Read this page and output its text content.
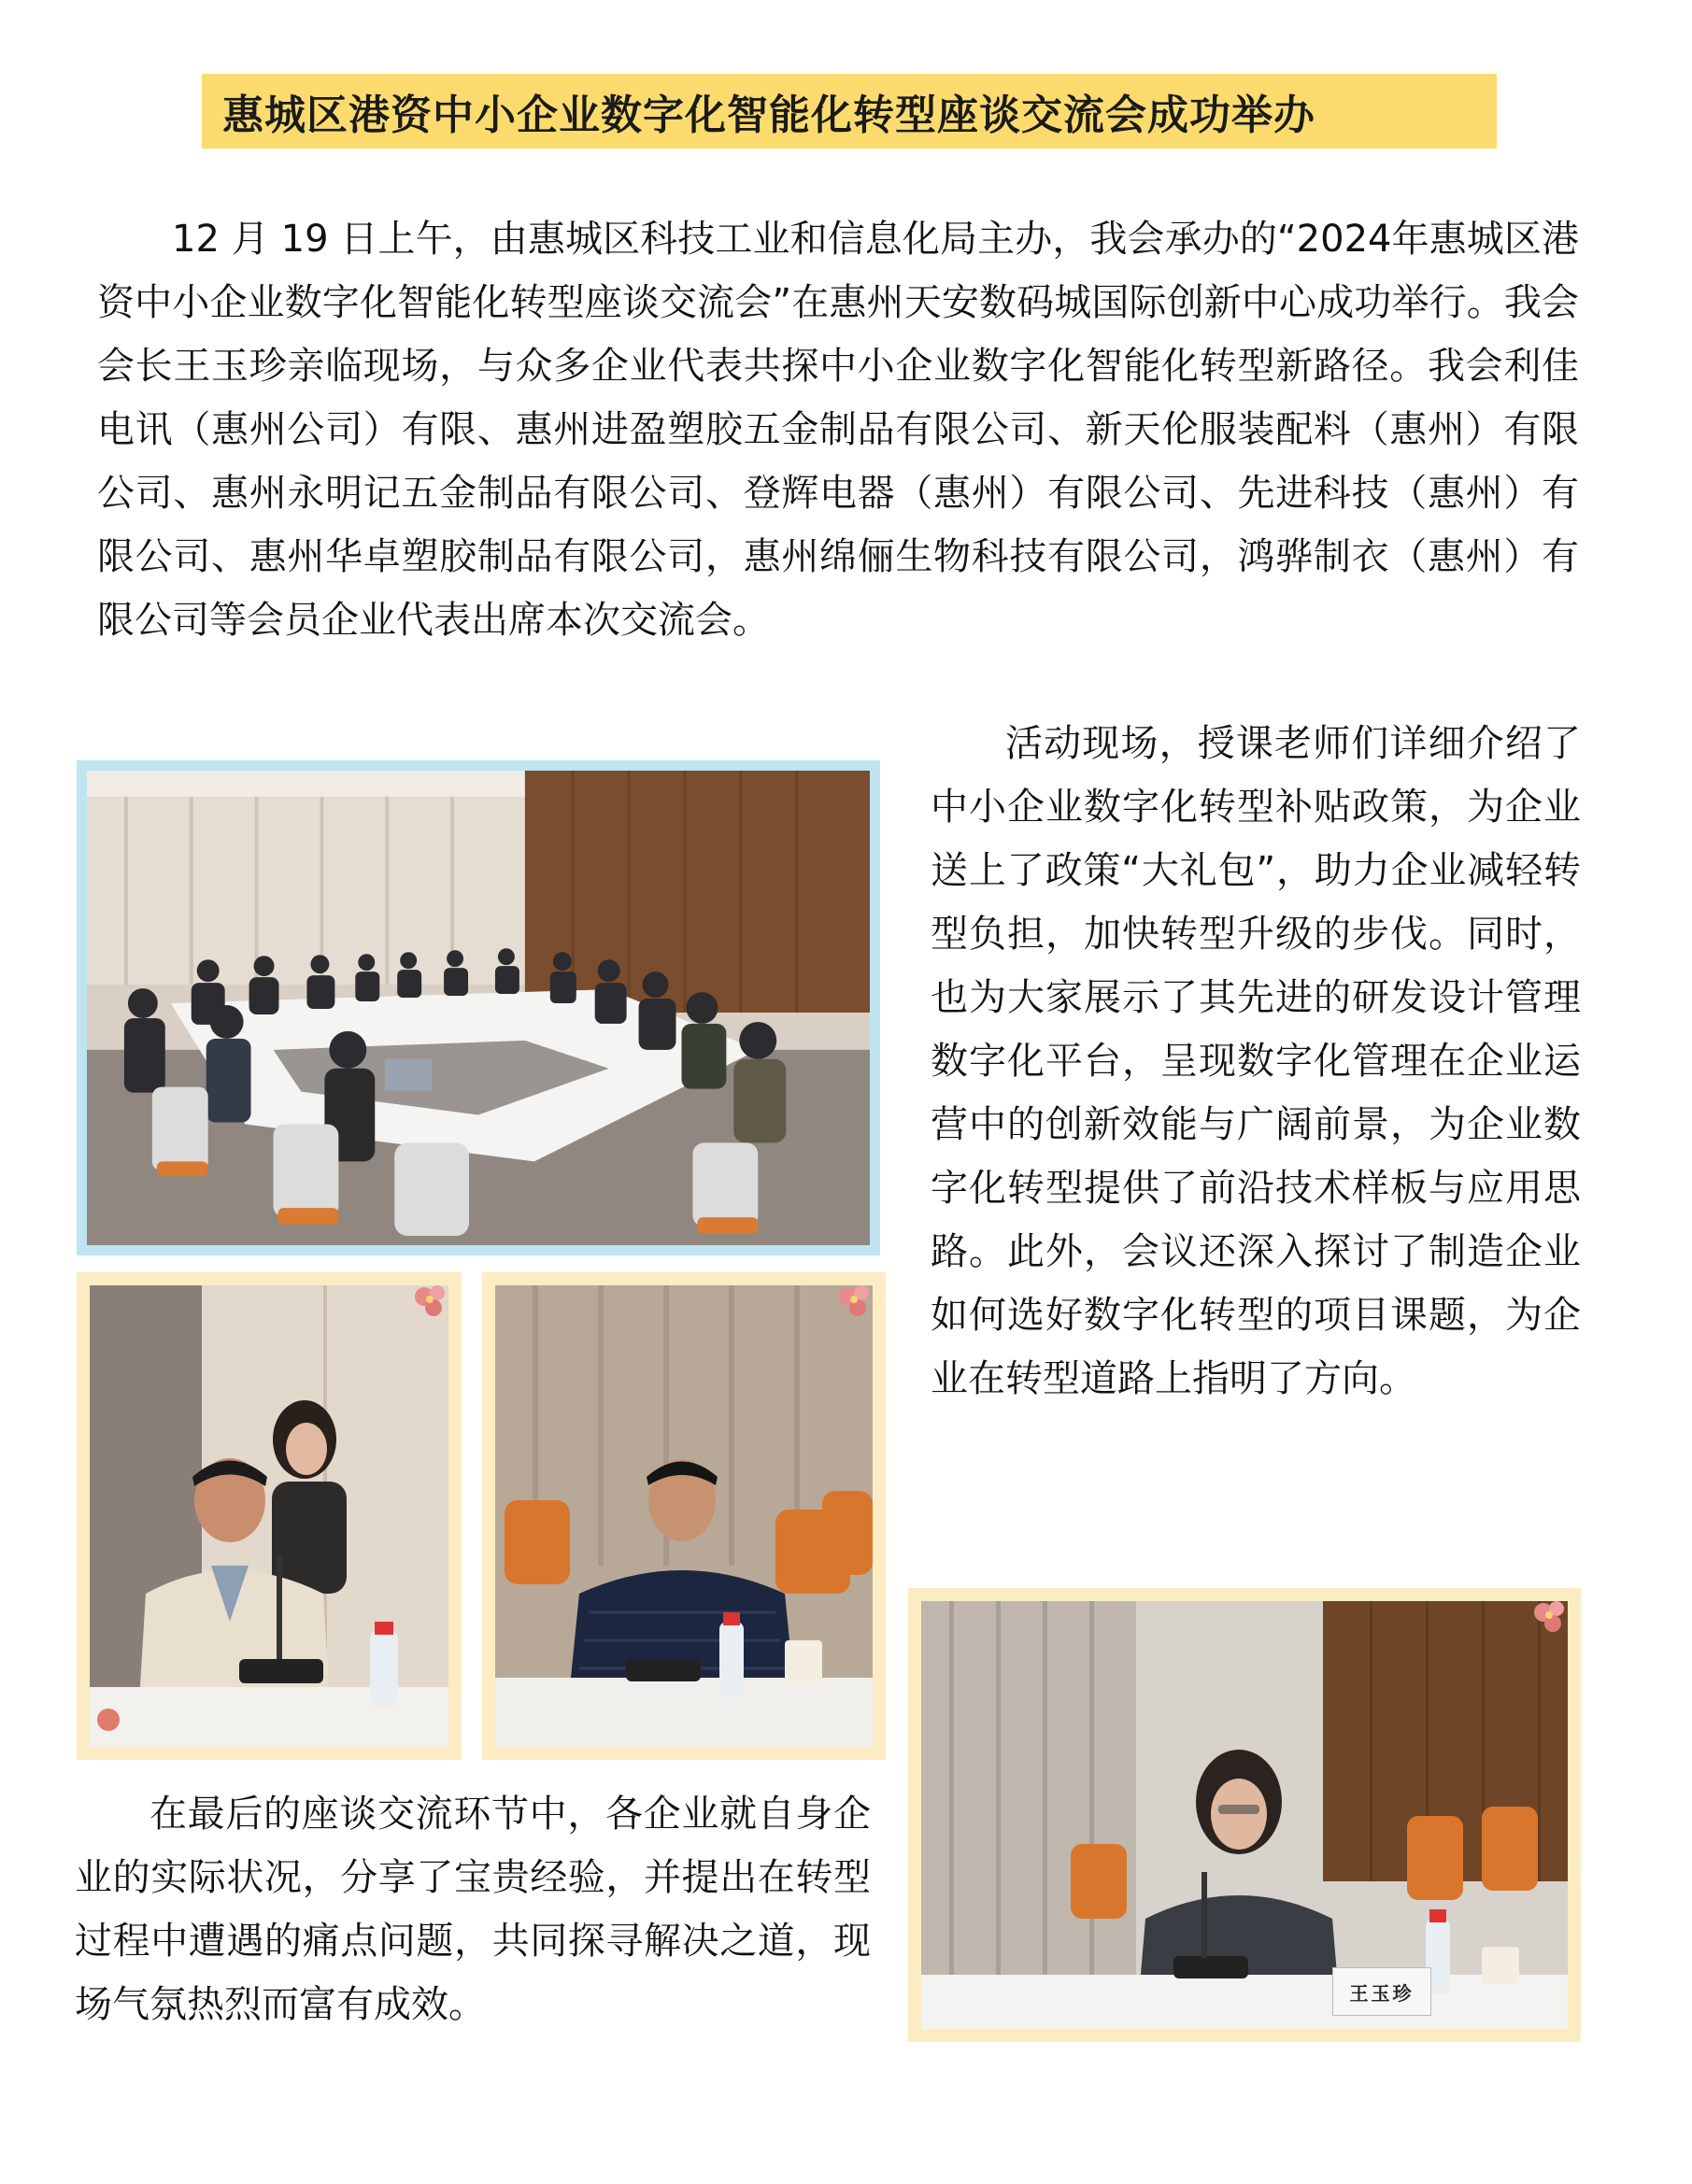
惠城区港资中小企业数字化智能化转型座谈交流会成功举办

12 月 19 日上午，由惠城区科技工业和信息化局主办，我会承办的“2024年惠城区港资中小企业数字化智能化转型座谈交流会”在惠州天安数码城国际创新中心成功举行。我会会长王玉珍亲临现场，与众多企业代表共探中小企业数字化智能化转型新路径。我会利佳电讯（惠州公司）有限、惠州进盈塑胶五金制品有限公司、新天伦服装配料（惠州）有限公司、惠州永明记五金制品有限公司、登辉电器（惠州）有限公司、先进科技（惠州）有限公司、惠州华卓塑胶制品有限公司，惠州绵俪生物科技有限公司，鸿骅制衣（惠州）有限公司等会员企业代表出席本次交流会。

活动现场，授课老师们详细介绍了中小企业数字化转型补贴政策，为企业送上了政策“大礼包”，助力企业减轻转型负担，加快转型升级的步伐。同时，也为大家展示了其先进的研发设计管理数字化平台，呈现数字化管理在企业运营中的创新效能与广阔前景，为企业数字化转型提供了前沿技术样板与应用思路。此外，会议还深入探讨了制造企业如何选好数字化转型的项目课题，为企业在转型道路上指明了方向。

在最后的座谈交流环节中，各企业就自身企业的实际状况，分享了宝贵经验，并提出在转型过程中遭遇的痛点问题，共同探寻解决之道，现场气氛热烈而富有成效。	王玉珍
